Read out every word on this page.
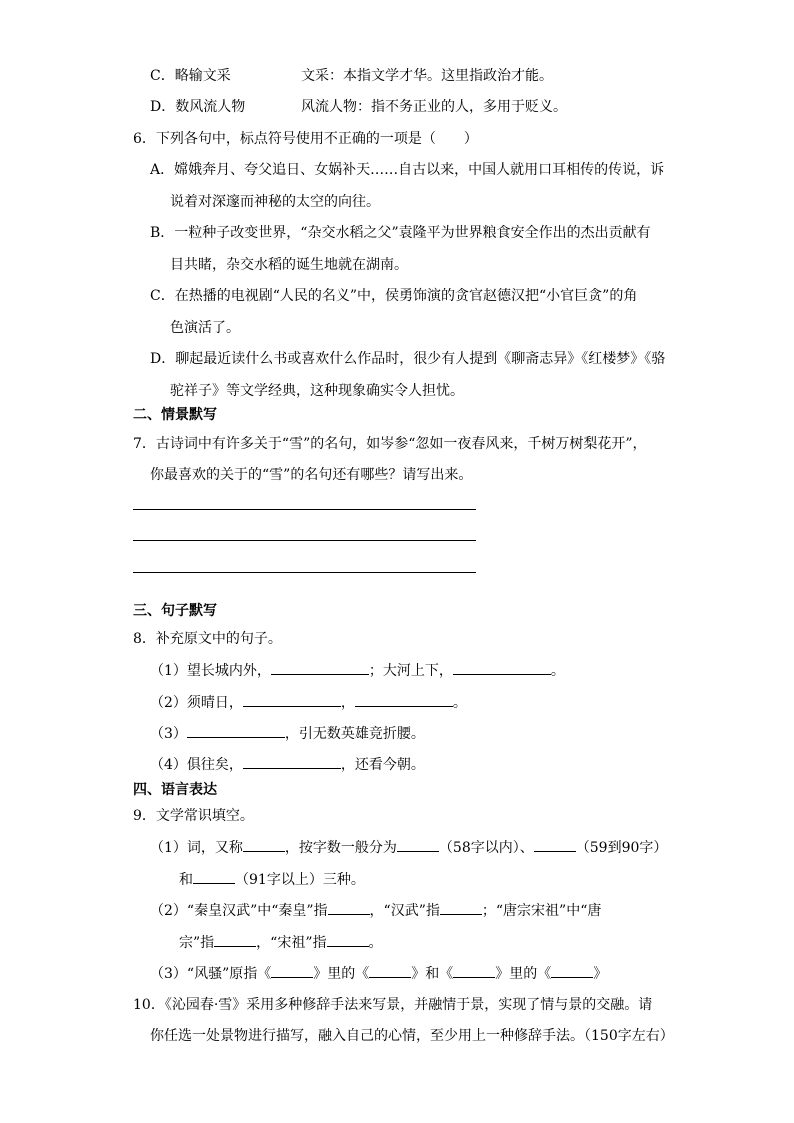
C．略输文采	文采：本指文学才华。这里指政治才能。
D．数风流人物	风流人物：指不务正业的人，多用于贬义。
6．下列各句中，标点符号使用不正确的一项是（　　）
A．嫦娥奔月、夸父追日、女娲补天……自古以来，中国人就用口耳相传的传说，诉
说着对深邃而神秘的太空的向往。
B．一粒种子改变世界，“杂交水稻之父”袁隆平为世界粮食安全作出的杰出贡献有
目共睹，杂交水稻的诞生地就在湖南。
C．在热播的电视剧“人民的名义”中，侯勇饰演的贪官赵德汉把“小官巨贪”的角
色演活了。
D．聊起最近读什么书或喜欢什么作品时，很少有人提到《聊斋志异》《红楼梦》《骆
驼祥子》等文学经典，这种现象确实令人担忧。
二、情景默写
7．古诗词中有许多关于“雪”的名句，如岑参“忽如一夜春风来，千树万树梨花开”，
你最喜欢的关于的“雪”的名句还有哪些？请写出来。
三、句子默写
8．补充原文中的句子。
（1）望长城内外，	；大河上下，	。
（2）须晴日，	，	。
（3）	，引无数英雄竞折腰。
（4）俱往矣，	，还看今朝。
四、语言表达
9．文学常识填空。
（1）词，又称	，按字数一般分为	（58字以内）、	（59到90字）
和	（91字以上）三种。
（2）“秦皇汉武”中“秦皇”指	，“汉武”指	；“唐宗宋祖”中“唐
宗”指	，“宋祖”指	。
（3）“风骚”原指《	》里的《	》和《	》里的《	》
10．《沁园春·雪》采用多种修辞手法来写景，并融情于景，实现了情与景的交融。请
你任选一处景物进行描写，融入自己的心情，至少用上一种修辞手法。（150字左右）
